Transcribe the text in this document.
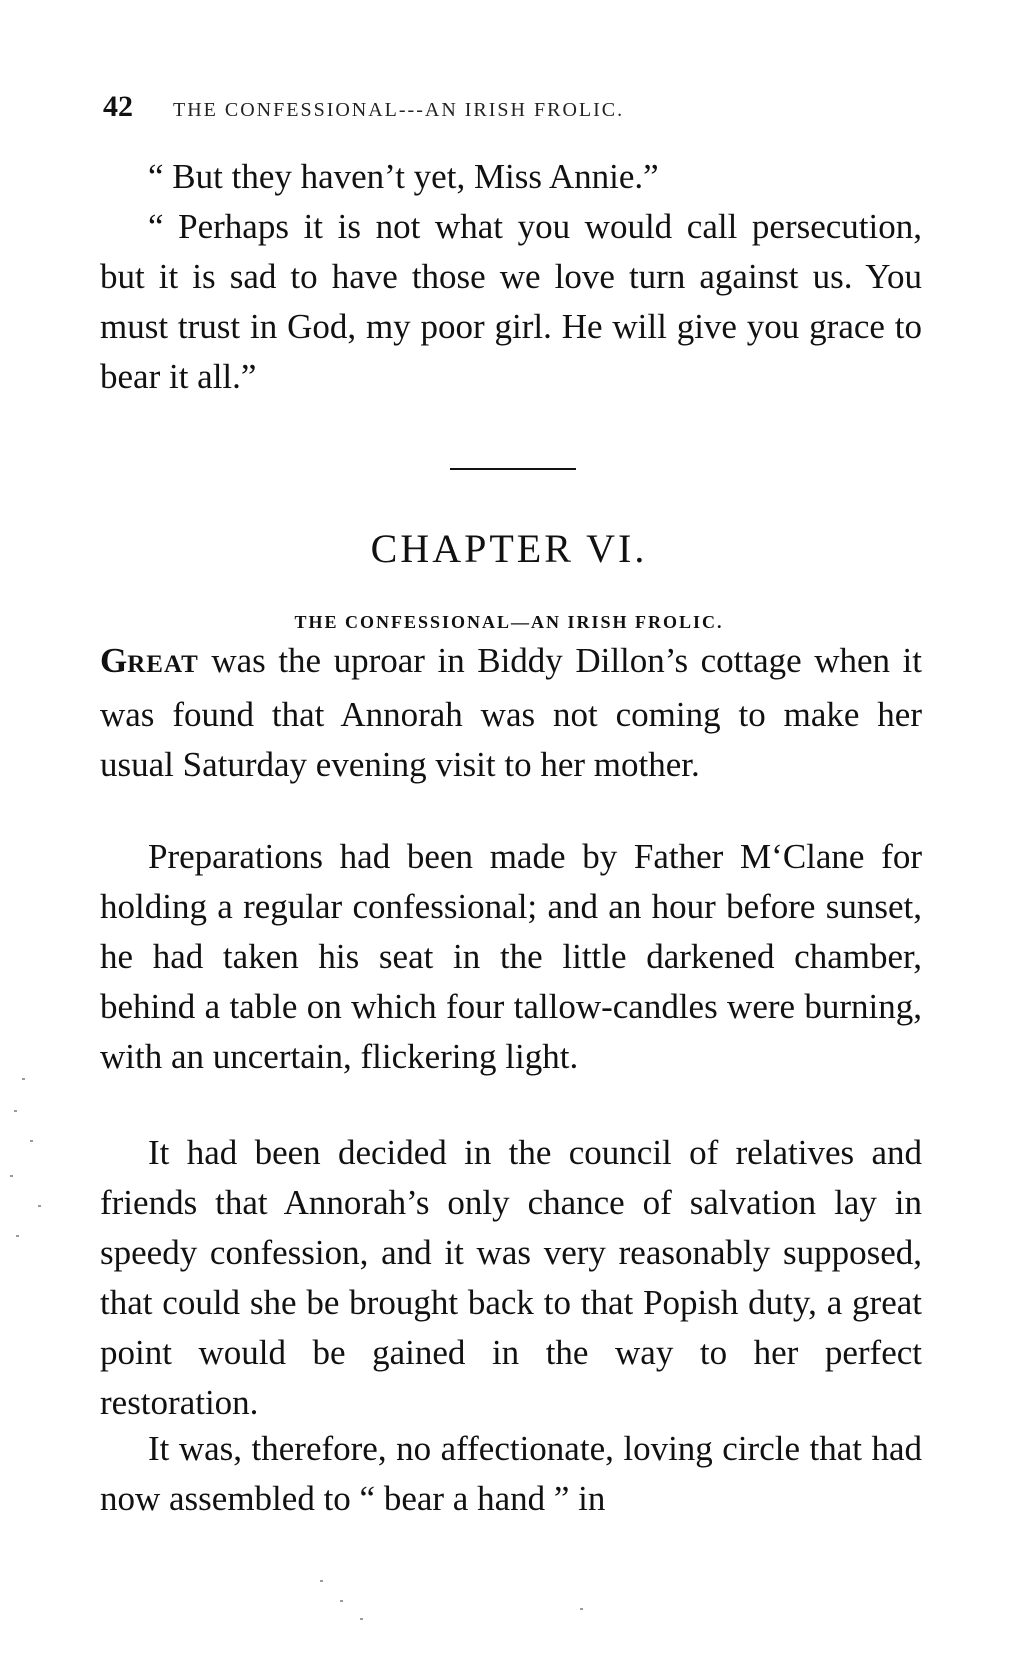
42 THE CONFESSIONAL---AN IRISH FROLIC.

“ But they haven’t yet, Miss Annie.”

“ Perhaps it is not what you would call persecution, but it is sad to have those we love turn against us. You must trust in God, my poor girl. He will give you grace to bear it all.”

CHAPTER VI.
THE CONFESSIONAL—AN IRISH FROLIC.

GREAT was the uproar in Biddy Dillon’s cottage when it was found that Annorah was not coming to make her usual Saturday evening visit to her mother.

Preparations had been made by Father M‘Clane for holding a regular confessional; and an hour before sunset, he had taken his seat in the little darkened chamber, behind a table on which four tallow-candles were burning, with an uncertain, flickering light.

It had been decided in the council of relatives and friends that Annorah’s only chance of salvation lay in speedy confession, and it was very reasonably supposed, that could she be brought back to that Popish duty, a great point would be gained in the way to her perfect restoration.

It was, therefore, no affectionate, loving circle that had now assembled to “ bear a hand ” in
